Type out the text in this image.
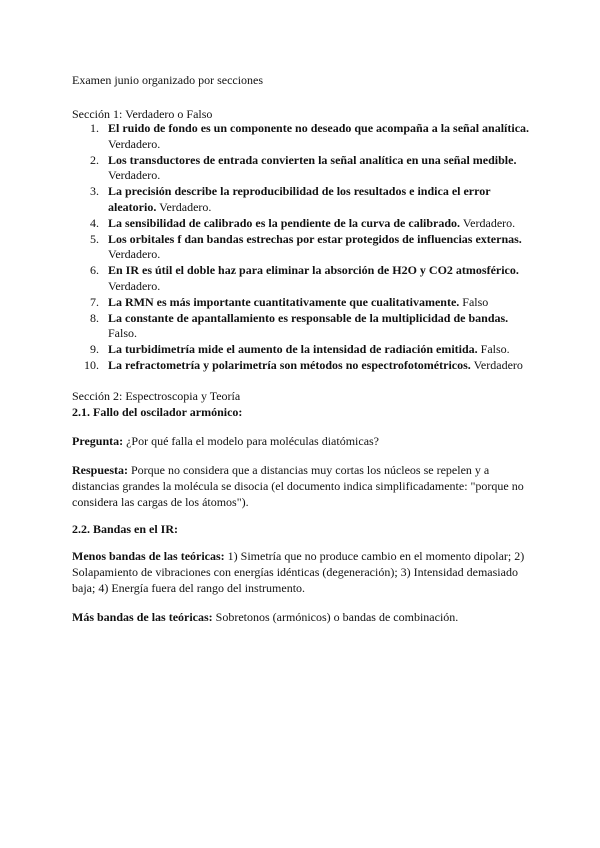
Examen junio organizado por secciones
Sección 1: Verdadero o Falso
1. El ruido de fondo es un componente no deseado que acompaña a la señal analítica. Verdadero.
2. Los transductores de entrada convierten la señal analítica en una señal medible. Verdadero.
3. La precisión describe la reproducibilidad de los resultados e indica el error aleatorio. Verdadero.
4. La sensibilidad de calibrado es la pendiente de la curva de calibrado. Verdadero.
5. Los orbitales f dan bandas estrechas por estar protegidos de influencias externas. Verdadero.
6. En IR es útil el doble haz para eliminar la absorción de H2O y CO2 atmosférico. Verdadero.
7. La RMN es más importante cuantitativamente que cualitativamente. Falso
8. La constante de apantallamiento es responsable de la multiplicidad de bandas. Falso.
9. La turbidimetría mide el aumento de la intensidad de radiación emitida. Falso.
10. La refractometría y polarimetría son métodos no espectrofotométricos. Verdadero
Sección 2: Espectroscopia y Teoría
2.1. Fallo del oscilador armónico:
Pregunta: ¿Por qué falla el modelo para moléculas diatómicas?
Respuesta: Porque no considera que a distancias muy cortas los núcleos se repelen y a distancias grandes la molécula se disocia (el documento indica simplificadamente: "porque no considera las cargas de los átomos").
2.2. Bandas en el IR:
Menos bandas de las teóricas: 1) Simetría que no produce cambio en el momento dipolar; 2) Solapamiento de vibraciones con energías idénticas (degeneración); 3) Intensidad demasiado baja; 4) Energía fuera del rango del instrumento.
Más bandas de las teóricas: Sobretonos (armónicos) o bandas de combinación.
